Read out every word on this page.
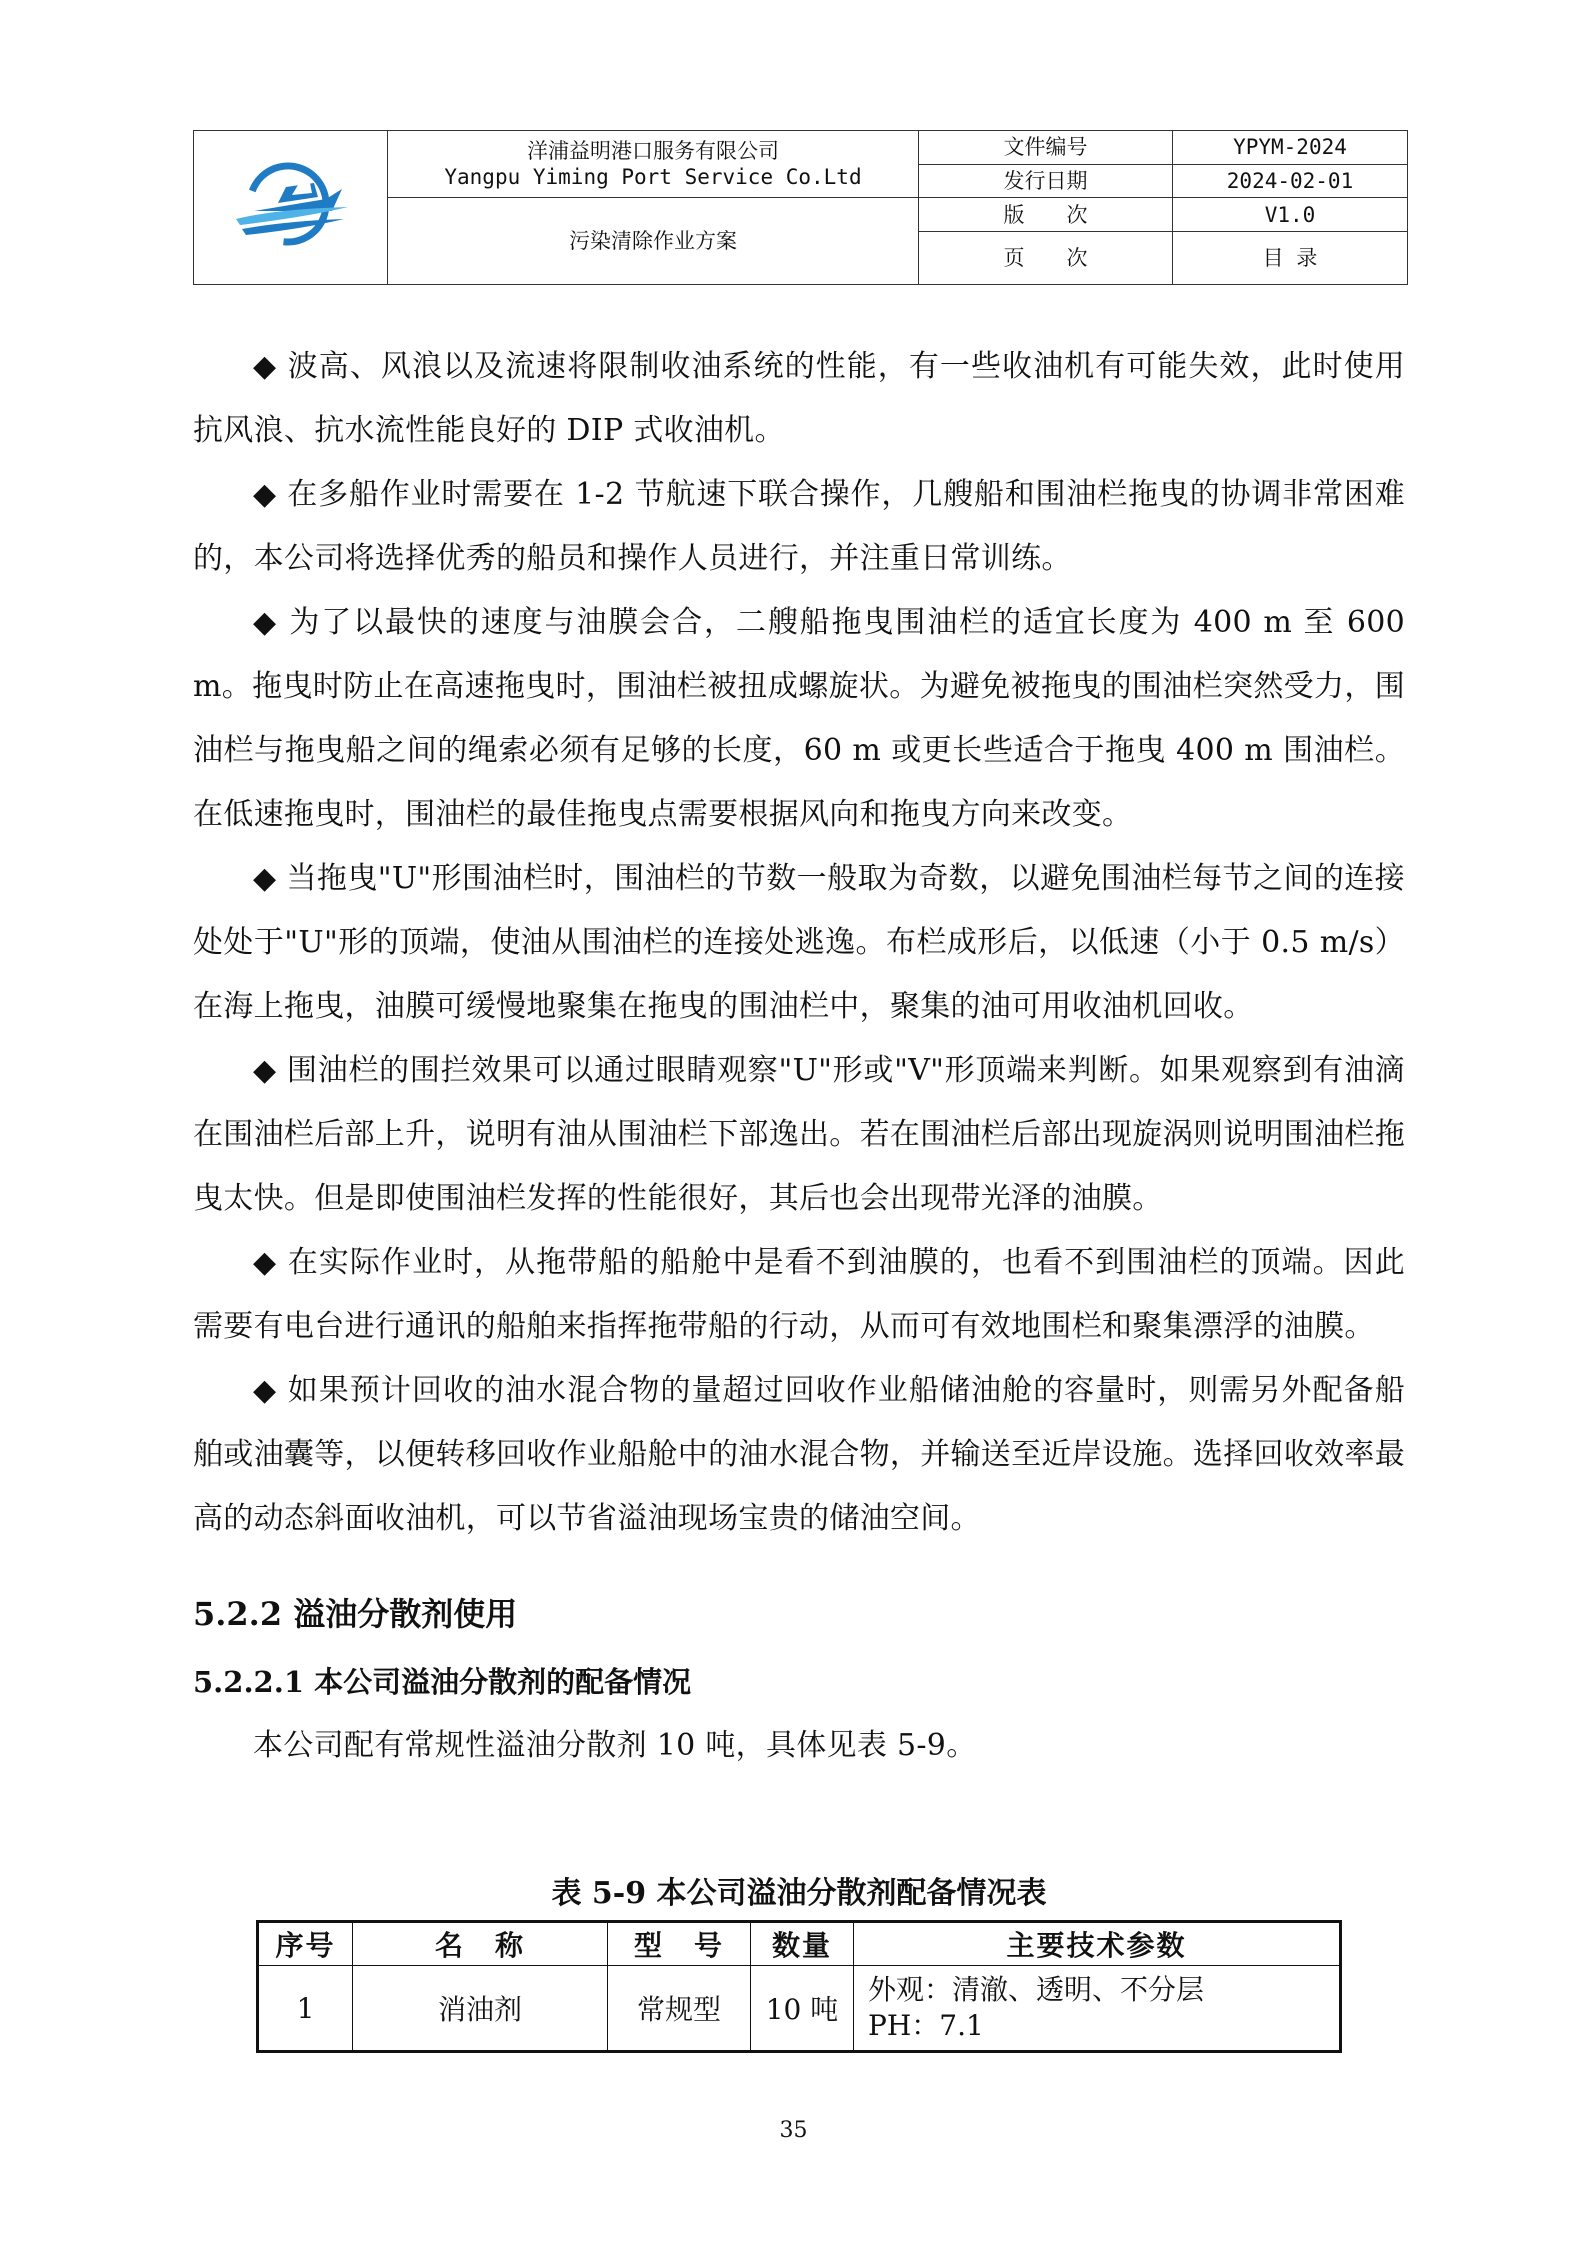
洋浦益明港口服务有限公司
Yangpu Yiming Port Service Co.Ltd	文件编号	YPYM-2024
		发行日期	2024-02-01
	污染清除作业方案	版　　次	V1.0
		页　　次	目 录

◆ 波高、风浪以及流速将限制收油系统的性能，有一些收油机有可能失效，此时使用抗风浪、抗水流性能良好的 DIP 式收油机。

◆ 在多船作业时需要在 1-2 节航速下联合操作，几艘船和围油栏拖曳的协调非常困难的，本公司将选择优秀的船员和操作人员进行，并注重日常训练。

◆ 为了以最快的速度与油膜会合，二艘船拖曳围油栏的适宜长度为 400 m 至 600 m。拖曳时防止在高速拖曳时，围油栏被扭成螺旋状。为避免被拖曳的围油栏突然受力，围油栏与拖曳船之间的绳索必须有足够的长度，60 m 或更长些适合于拖曳 400 m 围油栏。在低速拖曳时，围油栏的最佳拖曳点需要根据风向和拖曳方向来改变。

◆ 当拖曳"U"形围油栏时，围油栏的节数一般取为奇数，以避免围油栏每节之间的连接处处于"U"形的顶端，使油从围油栏的连接处逃逸。布栏成形后，以低速（小于 0.5 m/s）在海上拖曳，油膜可缓慢地聚集在拖曳的围油栏中，聚集的油可用收油机回收。

◆ 围油栏的围拦效果可以通过眼睛观察"U"形或"V"形顶端来判断。如果观察到有油滴在围油栏后部上升，说明有油从围油栏下部逸出。若在围油栏后部出现旋涡则说明围油栏拖曳太快。但是即使围油栏发挥的性能很好，其后也会出现带光泽的油膜。

◆ 在实际作业时，从拖带船的船舱中是看不到油膜的，也看不到围油栏的顶端。因此需要有电台进行通讯的船舶来指挥拖带船的行动，从而可有效地围栏和聚集漂浮的油膜。

◆ 如果预计回收的油水混合物的量超过回收作业船储油舱的容量时，则需另外配备船舶或油囊等，以便转移回收作业船舱中的油水混合物，并输送至近岸设施。选择回收效率最高的动态斜面收油机，可以节省溢油现场宝贵的储油空间。

5.2.2 溢油分散剂使用
5.2.2.1 本公司溢油分散剂的配备情况

本公司配有常规性溢油分散剂 10 吨，具体见表 5-9。

表 5-9 本公司溢油分散剂配备情况表
序号	名　称	型　号	数量	主要技术参数
1	消油剂	常规型	10 吨	外观：清澈、透明、不分层
PH：7.1
35
